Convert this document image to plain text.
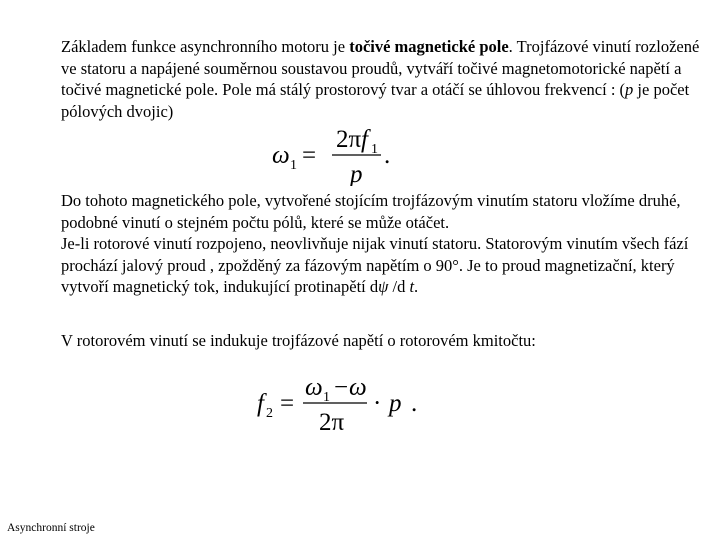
Základem funkce asynchronního motoru je točivé magnetické pole. Trojfázové vinutí rozložené ve statoru a napájené souměrnou soustavou proudů, vytváří točivé magnetomotorické napětí a točivé magnetické pole. Pole má stálý prostorový tvar a otáčí se úhlovou frekvencí : (p je počet pólových dvojic)

ω 1 =
2π f 1
p
.

Do tohoto magnetického pole, vytvořené stojícím trojfázovým vinutím statoru vložíme druhé, podobné vinutí o stejném počtu pólů, které se může otáčet.

Je-li rotorové vinutí rozpojeno, neovlivňuje nijak vinutí statoru. Statorovým vinutím všech fází prochází jalový proud , zpožděný za fázovým napětím o 90°. Je to proud magnetizační, který vytvoří magnetický tok, indukující protinapětí dψ /d t.

V rotorovém vinutí se indukuje trojfázové napětí o rotorovém kmitočtu:

f 2 =
ω 1 − ω
2π
· p .
Asynchronní stroje
